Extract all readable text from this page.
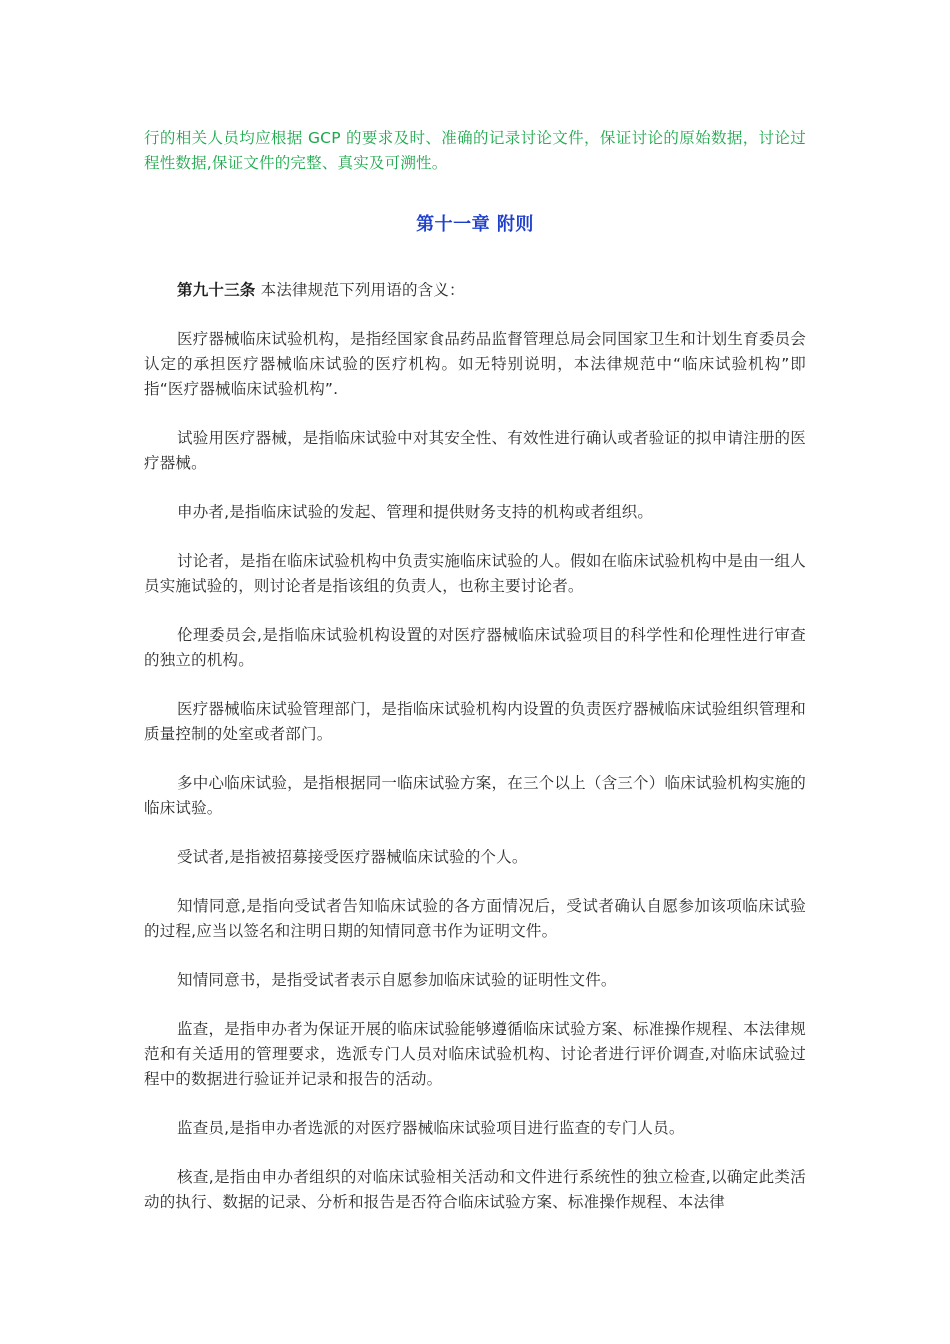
行的相关人员均应根据 GCP 的要求及时、准确的记录讨论文件，保证讨论的原始数据，讨论过程性数据,保证文件的完整、真实及可溯性。

第十一章 附则

第九十三条 本法律规范下列用语的含义：

医疗器械临床试验机构，是指经国家食品药品监督管理总局会同国家卫生和计划生育委员会认定的承担医疗器械临床试验的医疗机构。如无特别说明，本法律规范中“临床试验机构”即指“医疗器械临床试验机构”.

试验用医疗器械，是指临床试验中对其安全性、有效性进行确认或者验证的拟申请注册的医疗器械。

申办者,是指临床试验的发起、管理和提供财务支持的机构或者组织。

讨论者，是指在临床试验机构中负责实施临床试验的人。假如在临床试验机构中是由一组人员实施试验的，则讨论者是指该组的负责人，也称主要讨论者。

伦理委员会,是指临床试验机构设置的对医疗器械临床试验项目的科学性和伦理性进行审查的独立的机构。

医疗器械临床试验管理部门，是指临床试验机构内设置的负责医疗器械临床试验组织管理和质量控制的处室或者部门。

多中心临床试验，是指根据同一临床试验方案，在三个以上（含三个）临床试验机构实施的临床试验。

受试者,是指被招募接受医疗器械临床试验的个人。

知情同意,是指向受试者告知临床试验的各方面情况后，受试者确认自愿参加该项临床试验的过程,应当以签名和注明日期的知情同意书作为证明文件。

知情同意书，是指受试者表示自愿参加临床试验的证明性文件。

监查，是指申办者为保证开展的临床试验能够遵循临床试验方案、标准操作规程、本法律规范和有关适用的管理要求，选派专门人员对临床试验机构、讨论者进行评价调查,对临床试验过程中的数据进行验证并记录和报告的活动。

监查员,是指申办者选派的对医疗器械临床试验项目进行监查的专门人员。

核查,是指由申办者组织的对临床试验相关活动和文件进行系统性的独立检查,以确定此类活动的执行、数据的记录、分析和报告是否符合临床试验方案、标准操作规程、本法律
